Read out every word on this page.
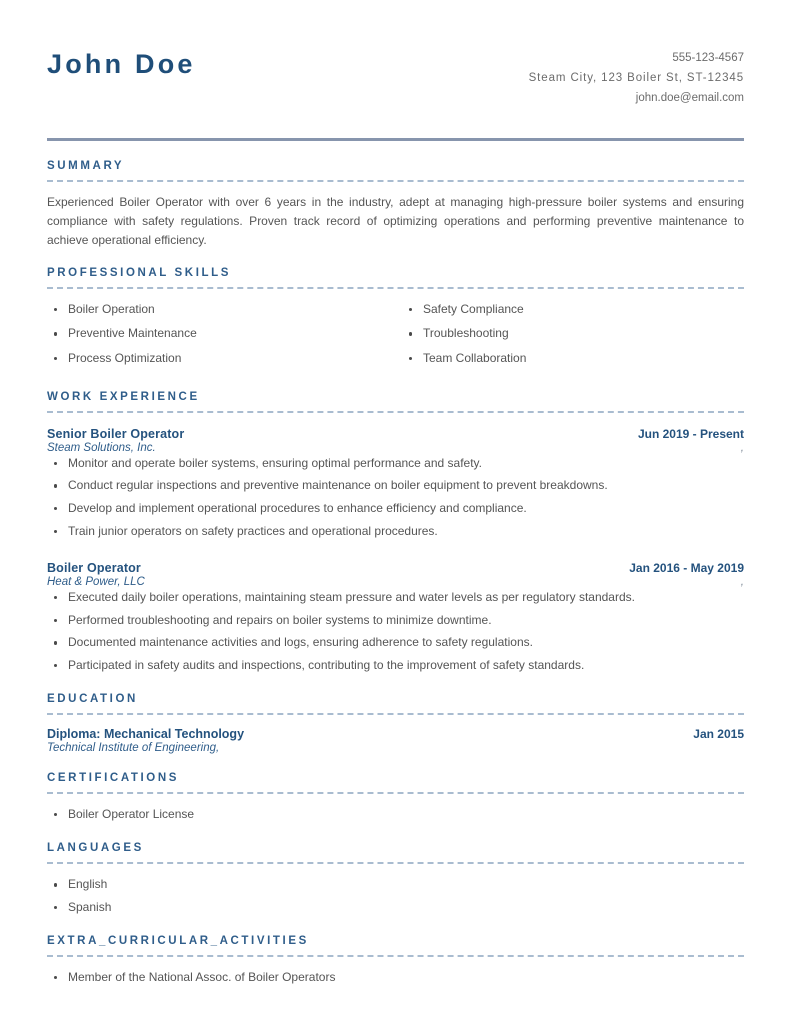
John Doe	555-123-4567
Steam City, 123 Boiler St, ST-12345
john.doe@email.com
SUMMARY

Experienced Boiler Operator with over 6 years in the industry, adept at managing high-pressure boiler systems and ensuring compliance with safety regulations. Proven track record of optimizing operations and performing preventive maintenance to achieve operational efficiency.

PROFESSIONAL SKILLS
Boiler Operation
Preventive Maintenance
Process Optimization
Safety Compliance
Troubleshooting
Team Collaboration
WORK EXPERIENCE
Senior Boiler Operator	Jun 2019 - Present
Steam Solutions, Inc.	,
Monitor and operate boiler systems, ensuring optimal performance and safety.
Conduct regular inspections and preventive maintenance on boiler equipment to prevent breakdowns.
Develop and implement operational procedures to enhance efficiency and compliance.
Train junior operators on safety practices and operational procedures.
Boiler Operator	Jan 2016 - May 2019
Heat & Power, LLC	,
Executed daily boiler operations, maintaining steam pressure and water levels as per regulatory standards.
Performed troubleshooting and repairs on boiler systems to minimize downtime.
Documented maintenance activities and logs, ensuring adherence to safety regulations.
Participated in safety audits and inspections, contributing to the improvement of safety standards.
EDUCATION
Diploma: Mechanical Technology	Jan 2015
Technical Institute of Engineering,
CERTIFICATIONS
Boiler Operator License
LANGUAGES
English
Spanish
EXTRA_CURRICULAR_ACTIVITIES
Member of the National Assoc. of Boiler Operators
